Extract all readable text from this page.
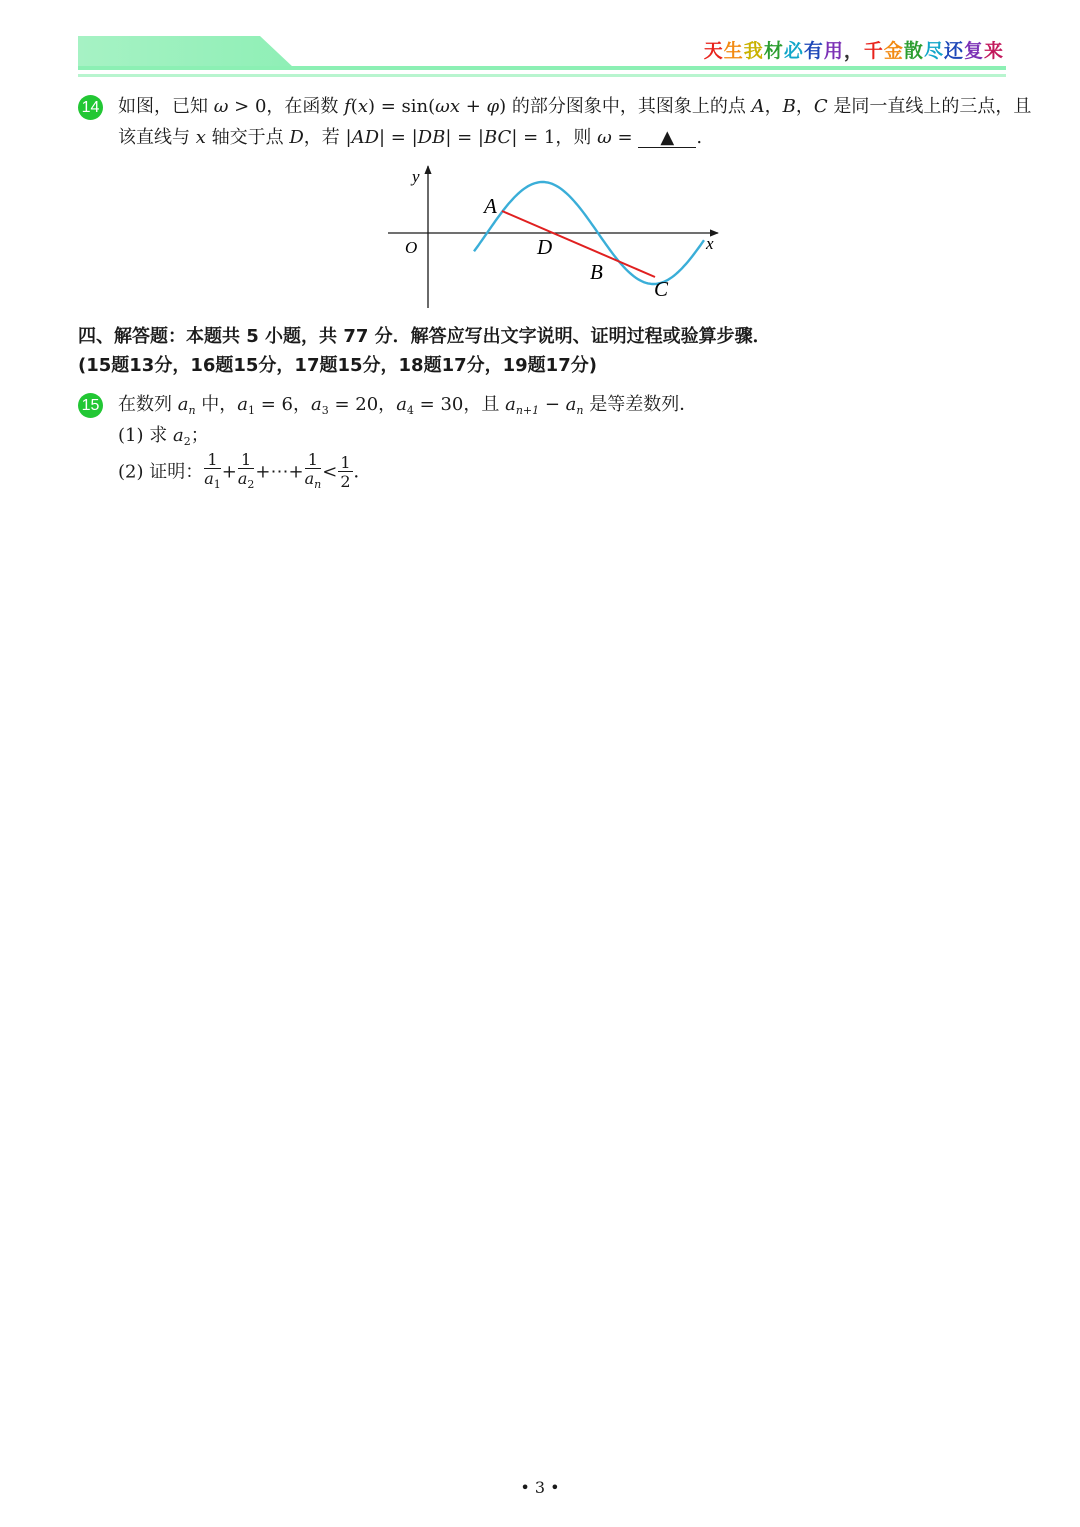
天生我材必有用，千金散尽还复来
14 如图，已知 ω > 0，在函数 f(x) = sin(ωx + φ) 的部分图象中，其图象上的点 A，B，C 是同一直线上的三点，且
该直线与 x 轴交于点 D，若 |AD| = |DB| = |BC| = 1，则 ω = ▲ .
y
x
O
A
D
B
C
四、解答题：本题共 5 小题，共 77 分．解答应写出文字说明、证明过程或验算步骤．
(15题13分，16题15分，17题15分，18题17分，19题17分)
15 在数列 $a_n$ 中，$a_1 = 6$，$a_3 = 20$，$a_4 = 30$，且 $a_{n+1} - a_n$ 是等差数列．
(1) 求 $a_2$；
(2) 证明： $\frac{1}{a_1} + \frac{1}{a_2}$ +⋯+ $\frac{1}{a_n} < \frac{1}{2}$ ．
• 3 •
